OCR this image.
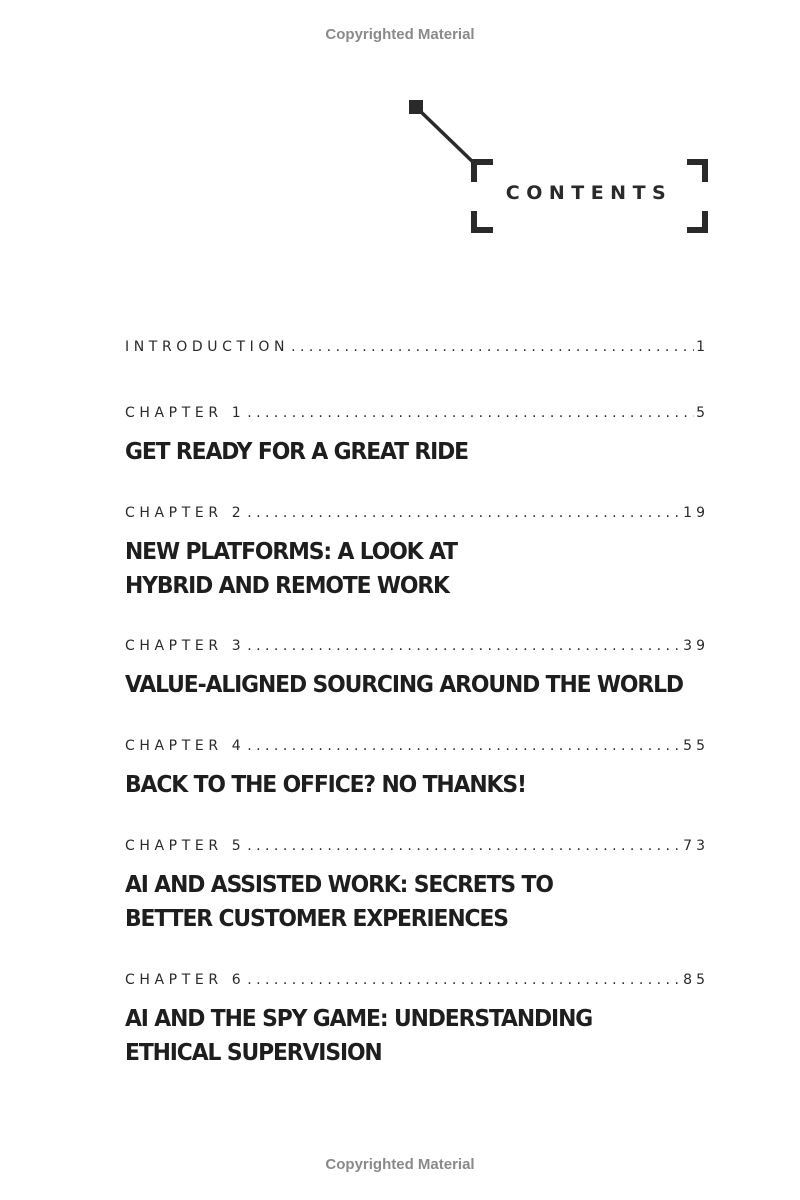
Copyrighted Material
CONTENTS
INTRODUCTION . . .	1
CHAPTER 1 . . .	5
GET READY FOR A GREAT RIDE
CHAPTER 2 . . .	19
NEW PLATFORMS: A LOOK AT
HYBRID AND REMOTE WORK
CHAPTER 3 . . .	39
VALUE-ALIGNED SOURCING AROUND THE WORLD
CHAPTER 4 . . .	55
BACK TO THE OFFICE? NO THANKS!
CHAPTER 5 . . .	73
AI AND ASSISTED WORK: SECRETS TO
BETTER CUSTOMER EXPERIENCES
CHAPTER 6 . . .	85
AI AND THE SPY GAME: UNDERSTANDING
ETHICAL SUPERVISION
Copyrighted Material
